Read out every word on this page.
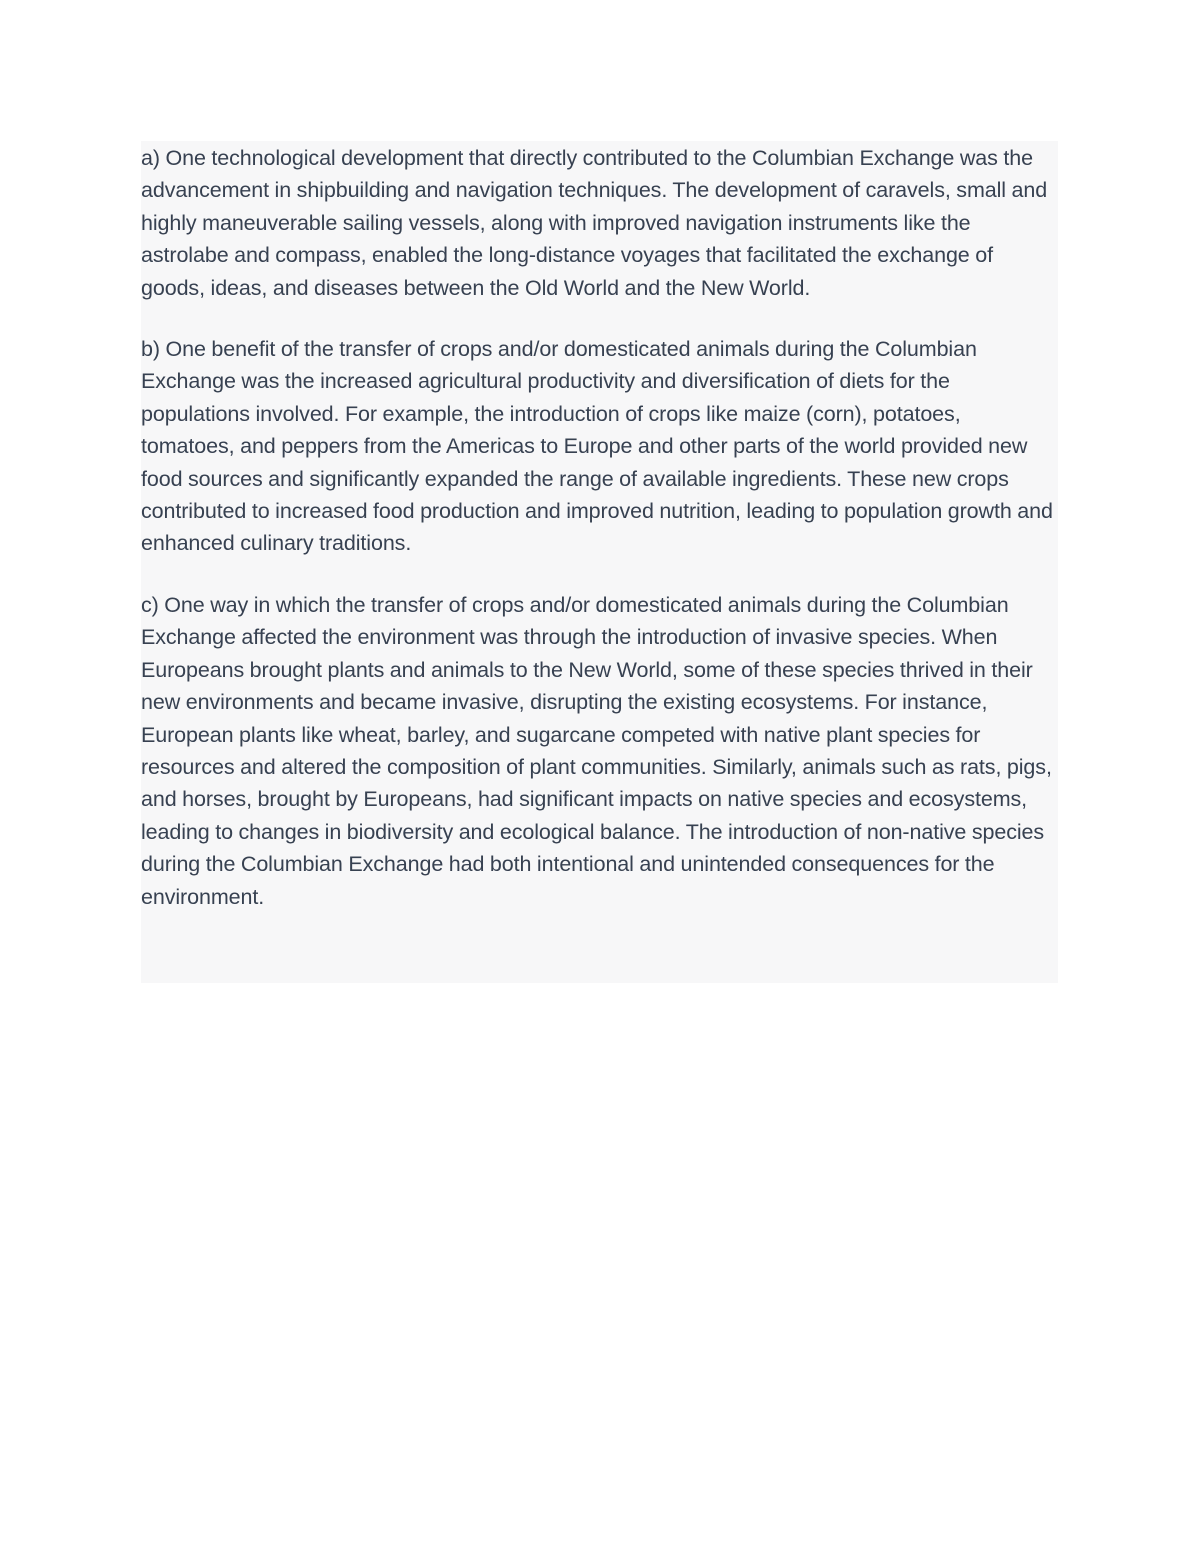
a) One technological development that directly contributed to the Columbian Exchange was the advancement in shipbuilding and navigation techniques. The development of caravels, small and highly maneuverable sailing vessels, along with improved navigation instruments like the astrolabe and compass, enabled the long-distance voyages that facilitated the exchange of goods, ideas, and diseases between the Old World and the New World.

b) One benefit of the transfer of crops and/or domesticated animals during the Columbian Exchange was the increased agricultural productivity and diversification of diets for the populations involved. For example, the introduction of crops like maize (corn), potatoes, tomatoes, and peppers from the Americas to Europe and other parts of the world provided new food sources and significantly expanded the range of available ingredients. These new crops contributed to increased food production and improved nutrition, leading to population growth and enhanced culinary traditions.

c) One way in which the transfer of crops and/or domesticated animals during the Columbian Exchange affected the environment was through the introduction of invasive species. When Europeans brought plants and animals to the New World, some of these species thrived in their new environments and became invasive, disrupting the existing ecosystems. For instance, European plants like wheat, barley, and sugarcane competed with native plant species for resources and altered the composition of plant communities. Similarly, animals such as rats, pigs, and horses, brought by Europeans, had significant impacts on native species and ecosystems, leading to changes in biodiversity and ecological balance. The introduction of non-native species during the Columbian Exchange had both intentional and unintended consequences for the environment.
